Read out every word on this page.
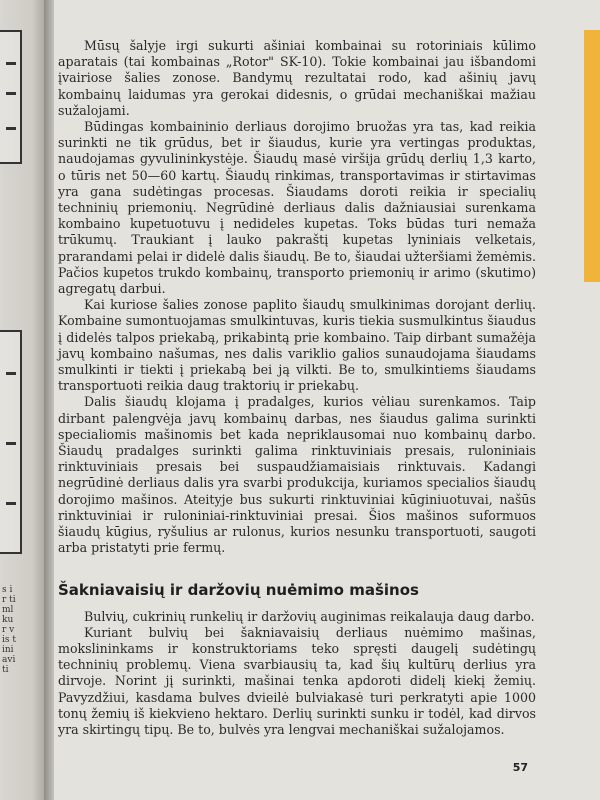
s ir timl kur vis tini aviti

Mūsų šalyje irgi sukurti ašiniai kombainai su rotoriniais kūlimo aparatais (tai kombainas „Rotor" SK-10). Tokie kombainai jau išbandomi įvairiose šalies zonose. Bandymų rezultatai rodo, kad ašinių javų kombainų laidumas yra gerokai didesnis, o grūdai mechaniškai mažiau sužalojami.

Būdingas kombaininio derliaus dorojimo bruožas yra tas, kad reikia surinkti ne tik grūdus, bet ir šiaudus, kurie yra vertingas produktas, naudojamas gyvulininkystėje. Šiaudų masė viršija grūdų derlių 1,3 karto, o tūris net 50—60 kartų. Šiaudų rinkimas, transportavimas ir stirtavimas yra gana sudėtingas procesas. Šiaudams doroti reikia ir specialių techninių priemonių. Negrūdinė derliaus dalis dažniausiai surenkama kombaino kupetuotuvu į nedideles kupetas. Toks būdas turi nemaža trūkumų. Traukiant į lauko pakraštį kupetas lyniniais velketais, prarandami pelai ir didelė dalis šiaudų. Be to, šiaudai užteršiami žemėmis. Pačios kupetos trukdo kombainų, transporto priemonių ir arimo (skutimo) agregatų darbui.

Kai kuriose šalies zonose paplito šiaudų smulkinimas dorojant derlių. Kombaine sumontuojamas smulkintuvas, kuris tiekia susmulkintus šiaudus į didelės talpos priekabą, prikabintą prie kombaino. Taip dirbant sumažėja javų kombaino našumas, nes dalis variklio galios sunaudojama šiaudams smulkinti ir tiekti į priekabą bei ją vilkti. Be to, smulkintiems šiaudams transportuoti reikia daug traktorių ir priekabų.

Dalis šiaudų klojama į pradalges, kurios vėliau surenkamos. Taip dirbant palengvėja javų kombainų darbas, nes šiaudus galima surinkti specialiomis mašinomis bet kada nepriklausomai nuo kombainų darbo. Šiaudų pradalges surinkti galima rinktuviniais presais, ruloniniais rinktuviniais presais bei suspaudžiamaisiais rinktuvais. Kadangi negrūdinė derliaus dalis yra svarbi produkcija, kuriamos specialios šiaudų dorojimo mašinos. Ateityje bus sukurti rinktuviniai kūginiuotuvai, našūs rinktuviniai ir ruloniniai-rinktuviniai presai. Šios mašinos suformuos šiaudų kūgius, ryšulius ar rulonus, kurios nesunku transportuoti, saugoti arba pristatyti prie fermų.

Šakniavaisių ir daržovių nuėmimo mašinos

Bulvių, cukrinių runkelių ir daržovių auginimas reikalauja daug darbo.

Kuriant bulvių bei šakniavaisių derliaus nuėmimo mašinas, mokslininkams ir konstruktoriams teko spręsti daugelį sudėtingų techninių problemų. Viena svarbiausių ta, kad šių kultūrų derlius yra dirvoje. Norint jį surinkti, mašinai tenka apdoroti didelį kiekį žemių. Pavyzdžiui, kasdama bulves dvieilė bulviakasė turi perkratyti apie 1000 tonų žemių iš kiekvieno hektaro. Derlių surinkti sunku ir todėl, kad dirvos yra skirtingų tipų. Be to, bulvės yra lengvai mechaniškai sužalojamos.

57
